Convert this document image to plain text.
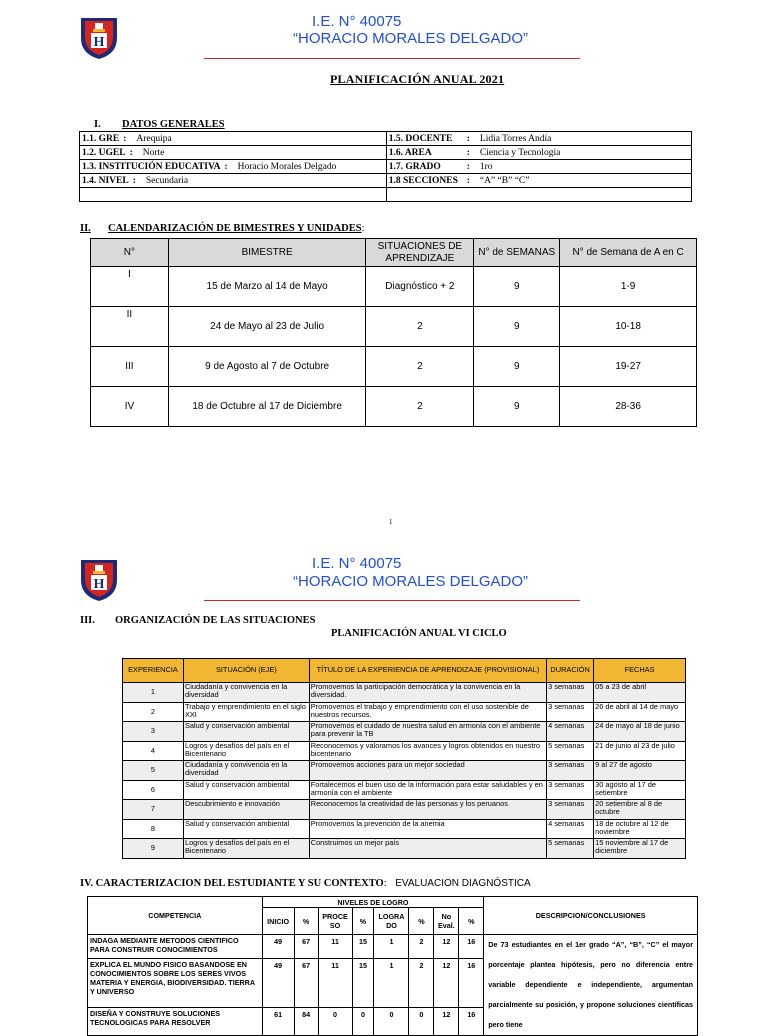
H
I.E. N° 40075
“HORACIO MORALES DELGADO”
PLANIFICACIÓN ANUAL 2021
I. DATOS GENERALES
1.1. GRE : Arequipa	1.5. DOCENTE : Lidia Torres Andía
1.2. UGEL : Norte	1.6. AREA : Ciencia y Tecnologia
1.3. INSTITUCIÓN EDUCATIVA : Horacio Morales Delgado	1.7. GRADO : 1ro
1.4. NIVEL : Secundaria	1.8 SECCIONES : “A” “B” “C”

II. CALENDARIZACIÓN DE BIMESTRES Y UNIDADES:
N°	BIMESTRE	SITUACIONES DE APRENDIZAJE	N° de SEMANAS	N° de Semana de A en C
I	15 de Marzo al 14 de Mayo	Diagnóstico + 2	9	1-9
II	24 de Mayo al 23 de Julio	2	9	10-18
III	9 de Agosto al 7 de Octubre	2	9	19-27
IV	18 de Octubre al 17 de Diciembre	2	9	28-36
1
H
I.E. N° 40075
“HORACIO MORALES DELGADO”
III. ORGANIZACIÓN DE LAS SITUACIONES
PLANIFICACIÓN ANUAL VI CICLO
EXPERIENCIA	SITUACIÓN (EJE)	TÍTULO DE LA EXPERIENCIA DE APRENDIZAJE (PROVISIONAL)	DURACIÓN	FECHAS
1	Ciudadanía y convivencia en la diversidad	Promovemos la participación democrática y la convivencia en la diversidad.	3 semanas	05 a 23 de abril
2	Trabajo y emprendimiento en el siglo XXI	Promovemos el trabajo y emprendimiento con el uso sostenible de nuestros recursos.	3 semanas	26 de abril al 14 de mayo
3	Salud y conservación ambiental	Promovemos el cuidado de nuestra salud en armonía con el ambiente para prevenir la TB	4 semanas	24 de mayo al 18 de junio
4	Logros y desafíos del país en el Bicentenario	Reconocemos y valoramos los avances y logros obtenidos en nuestro bicentenario	5 semanas	21 de junio al 23 de julio
5	Ciudadanía y convivencia en la diversidad	Promovemos acciones para un mejor sociedad	3 semanas	9 al 27 de agosto
6	Salud y conservación ambiental	Fortalecemos el buen uso de la información para estar saludables y en armonía con el ambiente	3 semanas	30 agosto al 17 de setiembre
7	Descubrimiento e innovación	Reconocemos la creatividad de las personas y los peruanos	3 semanas	20 setiembre al 8 de octubre
8	Salud y conservación ambiental	Promovemos la prevención de la anemia	4 semanas	18 de octubre al 12 de noviembre
9	Logros y desafíos del país en el Bicentenario	Construimos un mejor país	5 semanas	15 noviembre al 17 de diciembre
IV. CARACTERIZACION DEL ESTUDIANTE Y SU CONTEXTO: EVALUACION DIAGNÓSTICA
COMPETENCIA	NIVELES DE LOGRO								DESCRIPCION/CONCLUSIONES
	INICIO	%	PROCE SO	%	LOGRA DO	%	No Eval.	%	
INDAGA MEDIANTE METODOS CIENTIFICO PARA CONSTRUIR CONOCIMIENTOS	49	67	11	15	1	2	12	16	De 73 estudiantes en el 1er grado “A”, “B”, “C” el mayor porcentaje plantea hipótesis, pero no diferencia entre variable dependiente e independiente, argumentan parcialmente su posición, y propone soluciones científicas pero tiene
EXPLICA EL MUNDO FISICO BASANDOSE EN CONOCIMIENTOS SOBRE LOS SERES VIVOS MATERIA Y ENERGIA, BIODIVERSIDAD. TIERRA Y UNIVERSO	49	67	11	15	1	2	12	16	
DISEÑA Y CONSTRUYE SOLUCIONES TECNOLOGICAS PARA RESOLVER	61	84	0	0	0	0	12	16	
